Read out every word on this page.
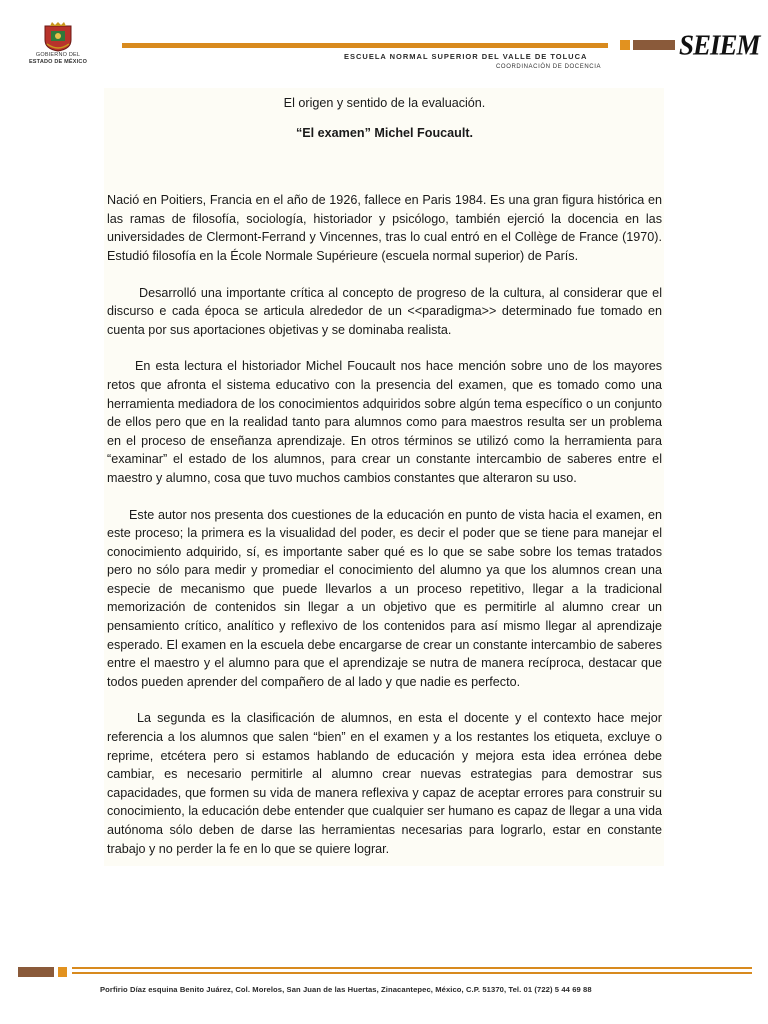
GOBIERNO DEL
ESTADO DE MÉXICO
SEIEM
ESCUELA NORMAL SUPERIOR DEL VALLE DE TOLUCA
COORDINACIÓN DE DOCENCIA
El origen y sentido de la evaluación.
“El examen” Michel Foucault.

Nació en Poitiers, Francia en el año de 1926, fallece en Paris 1984. Es una gran figura histórica en las ramas de filosofía, sociología, historiador y psicólogo, también ejerció la docencia en las universidades de Clermont-Ferrand y Vincennes, tras lo cual entró en el Collège de France (1970). Estudió filosofía en la École Normale Supérieure (escuela normal superior) de París.

Desarrolló una importante crítica al concepto de progreso de la cultura, al considerar que el discurso e cada época se articula alrededor de un <<paradigma>> determinado fue tomado en cuenta por sus aportaciones objetivas y se dominaba realista.

En esta lectura el historiador Michel Foucault nos hace mención sobre uno de los mayores retos que afronta el sistema educativo con la presencia del examen, que es tomado como una herramienta mediadora de los conocimientos adquiridos sobre algún tema específico o un conjunto de ellos pero que en la realidad tanto para alumnos como para maestros resulta ser un problema en el proceso de enseñanza aprendizaje. En otros términos se utilizó como la herramienta para “examinar” el estado de los alumnos, para crear un constante intercambio de saberes entre el maestro y alumno, cosa que tuvo muchos cambios constantes que alteraron su uso.

Este autor nos presenta dos cuestiones de la educación en punto de vista hacia el examen, en este proceso; la primera es la visualidad del poder, es decir el poder que se tiene para manejar el conocimiento adquirido, sí, es importante saber qué es lo que se sabe sobre los temas tratados pero no sólo para medir y promediar el conocimiento del alumno ya que los alumnos crean una especie de mecanismo que puede llevarlos a un proceso repetitivo, llegar a la tradicional memorización de contenidos sin llegar a un objetivo que es permitirle al alumno crear un pensamiento crítico, analítico y reflexivo de los contenidos para así mismo llegar al aprendizaje esperado. El examen en la escuela debe encargarse de crear un constante intercambio de saberes entre el maestro y el alumno para que el aprendizaje se nutra de manera recíproca, destacar que todos pueden aprender del compañero de al lado y que nadie es perfecto.

La segunda es la clasificación de alumnos, en esta el docente y el contexto hace mejor referencia a los alumnos que salen “bien” en el examen y a los restantes los etiqueta, excluye o reprime, etcétera pero si estamos hablando de educación y mejora esta idea errónea debe cambiar, es necesario permitirle al alumno crear nuevas estrategias para demostrar sus capacidades, que formen su vida de manera reflexiva y capaz de aceptar errores para construir su conocimiento, la educación debe entender que cualquier ser humano es capaz de llegar a una vida autónoma sólo deben de darse las herramientas necesarias para lograrlo, estar en constante trabajo y no perder la fe en lo que se quiere lograr.

Porfirio Díaz esquina Benito Juárez, Col. Morelos, San Juan de las Huertas, Zinacantepec, México, C.P. 51370, Tel. 01 (722) 5 44 69 88
